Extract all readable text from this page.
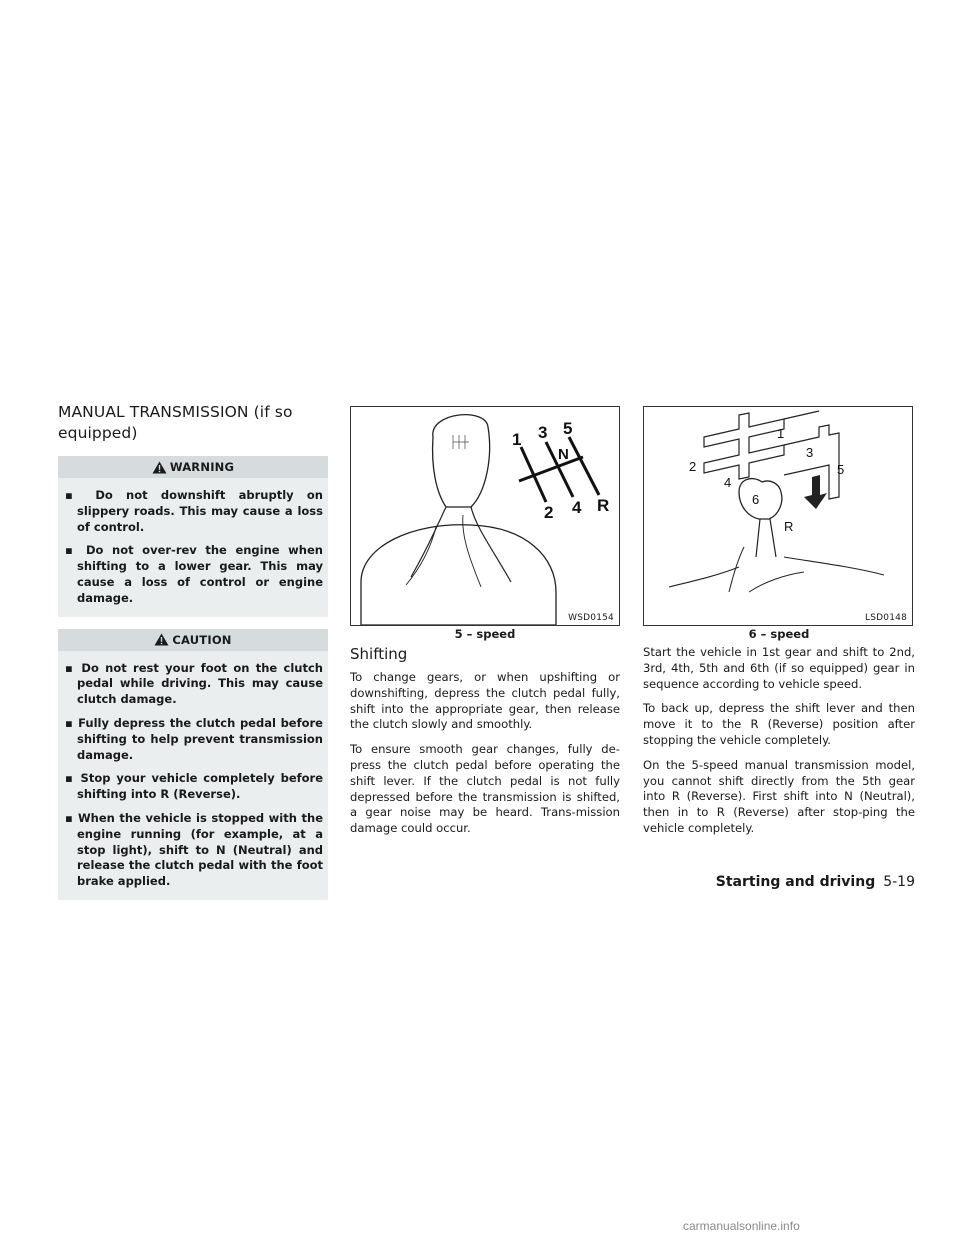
MANUAL TRANSMISSION (if so equipped)
WARNING
▪ Do not downshift abruptly on slippery roads. This may cause a loss of control.
▪ Do not over-rev the engine when shifting to a lower gear. This may cause a loss of control or engine damage.
CAUTION
▪ Do not rest your foot on the clutch pedal while driving. This may cause clutch damage.
▪ Fully depress the clutch pedal before shifting to help prevent transmission damage.
▪ Stop your vehicle completely before shifting into R (Reverse).
▪ When the vehicle is stopped with the engine running (for example, at a stop light), shift to N (Neutral) and release the clutch pedal with the foot brake applied.
1 3 5
N
2 4 R
WSD0154
5 – speed
Shifting

To change gears, or when upshifting or downshifting, depress the clutch pedal fully, shift into the appropriate gear, then release the clutch slowly and smoothly.

To ensure smooth gear changes, fully de-press the clutch pedal before operating the shift lever. If the clutch pedal is not fully depressed before the transmission is shifted, a gear noise may be heard. Trans-mission damage could occur.

1
2
3
4
5
6
R
LSD0148
6 – speed

Start the vehicle in 1st gear and shift to 2nd, 3rd, 4th, 5th and 6th (if so equipped) gear in sequence according to vehicle speed.

To back up, depress the shift lever and then move it to the R (Reverse) position after stopping the vehicle completely.

On the 5-speed manual transmission model, you cannot shift directly from the 5th gear into R (Reverse). First shift into N (Neutral), then in to R (Reverse) after stop-ping the vehicle completely.

Starting and driving 5-19
carmanualsonline.info
